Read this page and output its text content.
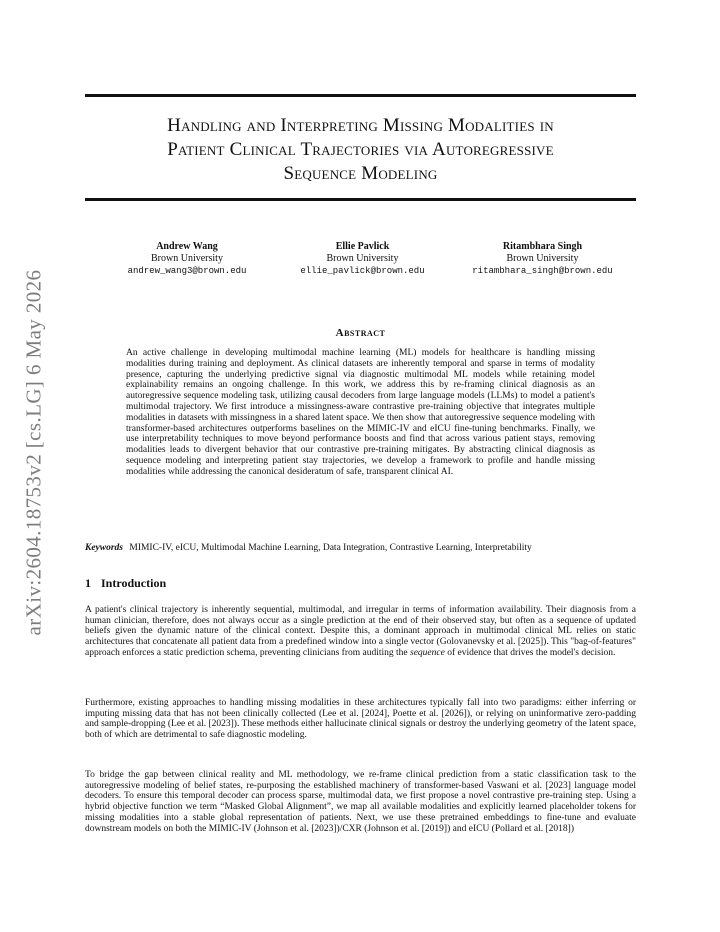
arXiv:2604.18753v2 [cs.LG] 6 May 2026
Handling and Interpreting Missing Modalities in
Patient Clinical Trajectories via Autoregressive
Sequence Modeling
Andrew Wang
Brown University
andrew_wang3@brown.edu
Ellie Pavlick
Brown University
ellie_pavlick@brown.edu
Ritambhara Singh
Brown University
ritambhara_singh@brown.edu
Abstract

An active challenge in developing multimodal machine learning (ML) models for healthcare is handling missing modalities during training and deployment. As clinical datasets are inherently temporal and sparse in terms of modality presence, capturing the underlying predictive signal via diagnostic multimodal ML models while retaining model explainability remains an ongoing challenge. In this work, we address this by re-framing clinical diagnosis as an autoregressive sequence modeling task, utilizing causal decoders from large language models (LLMs) to model a patient's multimodal trajectory. We first introduce a missingness-aware contrastive pre-training objective that integrates multiple modalities in datasets with missingness in a shared latent space. We then show that autoregressive sequence modeling with transformer-based architectures outperforms baselines on the MIMIC-IV and eICU fine-tuning benchmarks. Finally, we use interpretability techniques to move beyond performance boosts and find that across various patient stays, removing modalities leads to divergent behavior that our contrastive pre-training mitigates. By abstracting clinical diagnosis as sequence modeling and interpreting patient stay trajectories, we develop a framework to profile and handle missing modalities while addressing the canonical desideratum of safe, transparent clinical AI.

Keywords MIMIC-IV, eICU, Multimodal Machine Learning, Data Integration, Contrastive Learning, Interpretability

1 Introduction

A patient's clinical trajectory is inherently sequential, multimodal, and irregular in terms of information availability. Their diagnosis from a human clinician, therefore, does not always occur as a single prediction at the end of their observed stay, but often as a sequence of updated beliefs given the dynamic nature of the clinical context. Despite this, a dominant approach in multimodal clinical ML relies on static architectures that concatenate all patient data from a predefined window into a single vector (Golovanevsky et al. [2025]). This "bag-of-features" approach enforces a static prediction schema, preventing clinicians from auditing the sequence of evidence that drives the model's decision.

Furthermore, existing approaches to handling missing modalities in these architectures typically fall into two paradigms: either inferring or imputing missing data that has not been clinically collected (Lee et al. [2024], Poette et al. [2026]), or relying on uninformative zero-padding and sample-dropping (Lee et al. [2023]). These methods either hallucinate clinical signals or destroy the underlying geometry of the latent space, both of which are detrimental to safe diagnostic modeling.

To bridge the gap between clinical reality and ML methodology, we re-frame clinical prediction from a static classification task to the autoregressive modeling of belief states, re-purposing the established machinery of transformer-based Vaswani et al. [2023] language model decoders. To ensure this temporal decoder can process sparse, multimodal data, we first propose a novel contrastive pre-training step. Using a hybrid objective function we term “Masked Global Alignment”, we map all available modalities and explicitly learned placeholder tokens for missing modalities into a stable global representation of patients. Next, we use these pretrained embeddings to fine-tune and evaluate downstream models on both the MIMIC-IV (Johnson et al. [2023])/CXR (Johnson et al. [2019]) and eICU (Pollard et al. [2018])
